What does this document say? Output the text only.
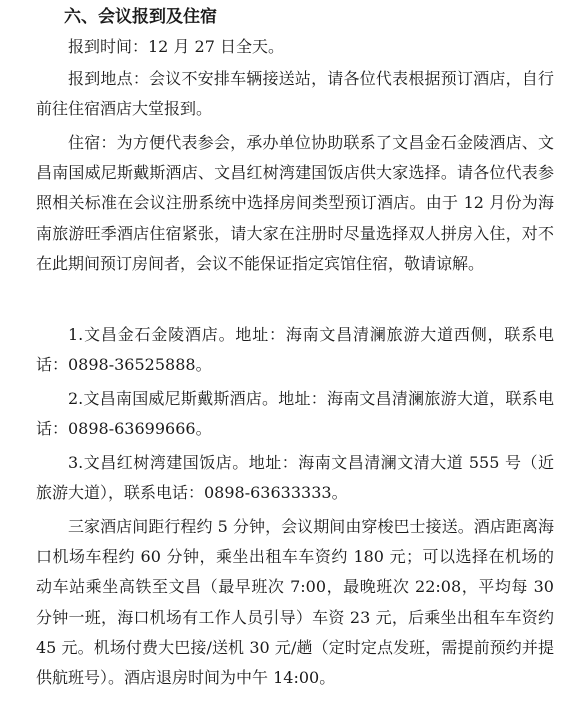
六、会议报到及住宿

报到时间：12 月 27 日全天。

报到地点：会议不安排车辆接送站，请各位代表根据预订酒店，自行前往住宿酒店大堂报到。

住宿：为方便代表参会，承办单位协助联系了文昌金石金陵酒店、文昌南国威尼斯戴斯酒店、文昌红树湾建国饭店供大家选择。请各位代表参照相关标准在会议注册系统中选择房间类型预订酒店。由于 12 月份为海南旅游旺季酒店住宿紧张，请大家在注册时尽量选择双人拼房入住，对不在此期间预订房间者，会议不能保证指定宾馆住宿，敬请谅解。

1.文昌金石金陵酒店。地址：海南文昌清澜旅游大道西侧，联系电话：0898-36525888。

2.文昌南国威尼斯戴斯酒店。地址：海南文昌清澜旅游大道，联系电话：0898-63699666。

3.文昌红树湾建国饭店。地址：海南文昌清澜文清大道 555 号（近旅游大道），联系电话：0898-63633333。

三家酒店间距行程约 5 分钟，会议期间由穿梭巴士接送。酒店距离海口机场车程约 60 分钟，乘坐出租车车资约 180 元；可以选择在机场的动车站乘坐高铁至文昌（最早班次 7:00，最晚班次 22:08，平均每 30 分钟一班，海口机场有工作人员引导）车资 23 元，后乘坐出租车车资约 45 元。机场付费大巴接/送机 30 元/趟（定时定点发班，需提前预约并提供航班号）。酒店退房时间为中午 14:00。
